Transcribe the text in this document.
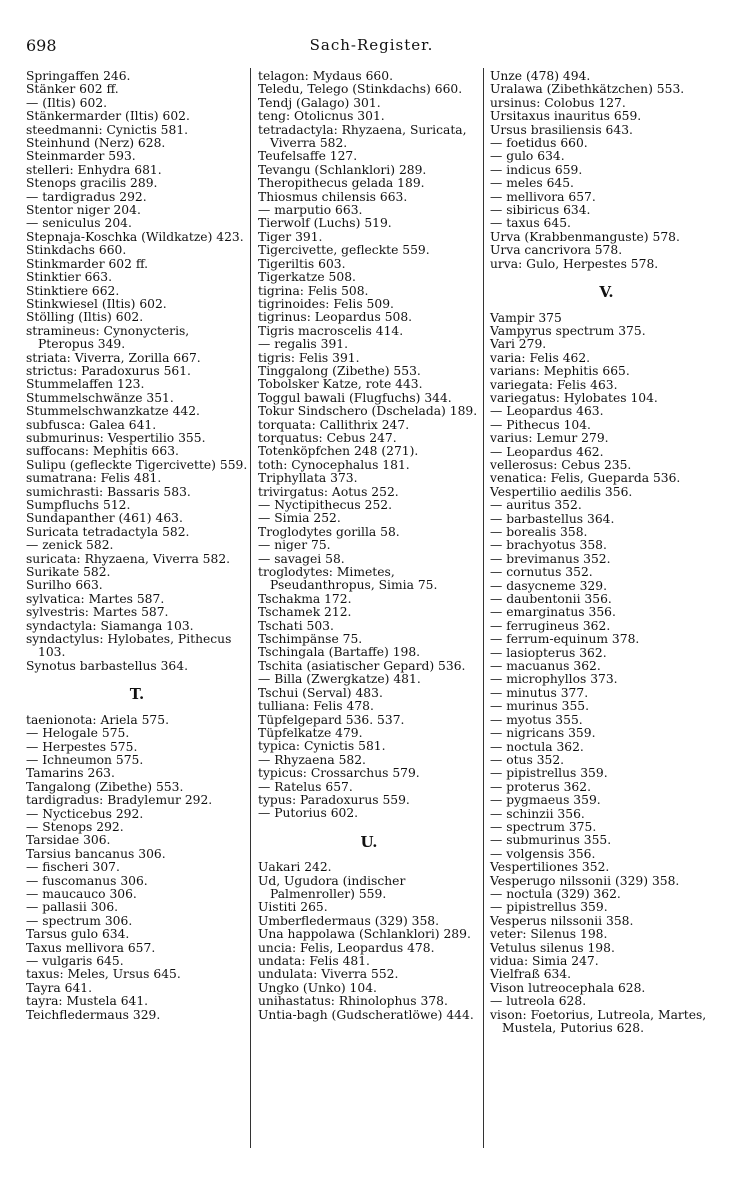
698	Sach-Register.
Springaffen 246.
Stänker 602 ff.
— (Iltis) 602.
Stänkermarder (Iltis) 602.
steedmanni: Cynictis 581.
Steinhund (Nerz) 628.
Steinmarder 593.
stelleri: Enhydra 681.
Stenops gracilis 289.
— tardigradus 292.
Stentor niger 204.
— seniculus 204.
Stepnaja-Koschka (Wildkatze) 423.
Stinkdachs 660.
Stinkmarder 602 ff.
Stinktier 663.
Stinktiere 662.
Stinkwiesel (Iltis) 602.
Stölling (Iltis) 602.
stramineus: Cynonycteris, Pteropus 349.
striata: Viverra, Zorilla 667.
strictus: Paradoxurus 561.
Stummelaffen 123.
Stummelschwänze 351.
Stummelschwanzkatze 442.
subfusca: Galea 641.
submurinus: Vespertilio 355.
suffocans: Mephitis 663.
Sulipu (gefleckte Tigercivette) 559.
sumatrana: Felis 481.
sumichrasti: Bassaris 583.
Sumpfluchs 512.
Sundapanther (461) 463.
Suricata tetradactyla 582.
— zenick 582.
suricata: Rhyzaena, Viverra 582.
Surikate 582.
Surilho 663.
sylvatica: Martes 587.
sylvestris: Martes 587.
syndactyla: Siamanga 103.
syndactylus: Hylobates, Pithecus 103.
Synotus barbastellus 364.
T.
taenionota: Ariela 575.
— Helogale 575.
— Herpestes 575.
— Ichneumon 575.
Tamarins 263.
Tangalong (Zibethe) 553.
tardigradus: Bradylemur 292.
— Nycticebus 292.
— Stenops 292.
Tarsidae 306.
Tarsius bancanus 306.
— fischeri 307.
— fuscomanus 306.
— maucauco 306.
— pallasii 306.
— spectrum 306.
Tarsus gulo 634.
Taxus mellivora 657.
— vulgaris 645.
taxus: Meles, Ursus 645.
Tayra 641.
tayra: Mustela 641.
Teichfledermaus 329.
telagon: Mydaus 660.
Teledu, Telego (Stinkdachs) 660.
Tendj (Galago) 301.
teng: Otolicnus 301.
tetradactyla: Rhyzaena, Suricata, Viverra 582.
Teufelsaffe 127.
Tevangu (Schlanklori) 289.
Theropithecus gelada 189.
Thiosmus chilensis 663.
— marputio 663.
Tierwolf (Luchs) 519.
Tiger 391.
Tigercivette, gefleckte 559.
Tigeriltis 603.
Tigerkatze 508.
tigrina: Felis 508.
tigrinoides: Felis 509.
tigrinus: Leopardus 508.
Tigris macroscelis 414.
— regalis 391.
tigris: Felis 391.
Tinggalong (Zibethe) 553.
Tobolsker Katze, rote 443.
Toggul bawali (Flugfuchs) 344.
Tokur Sindschero (Dschelada) 189.
torquata: Callithrix 247.
torquatus: Cebus 247.
Totenköpfchen 248 (271).
toth: Cynocephalus 181.
Triphyllata 373.
trivirgatus: Aotus 252.
— Nyctipithecus 252.
— Simia 252.
Troglodytes gorilla 58.
— niger 75.
— savagei 58.
troglodytes: Mimetes, Pseudanthropus, Simia 75.
Tschakma 172.
Tschamek 212.
Tschati 503.
Tschimpänse 75.
Tschingala (Bartaffe) 198.
Tschita (asiatischer Gepard) 536.
— Billa (Zwergkatze) 481.
Tschui (Serval) 483.
tulliana: Felis 478.
Tüpfelgepard 536. 537.
Tüpfelkatze 479.
typica: Cynictis 581.
— Rhyzaena 582.
typicus: Crossarchus 579.
— Ratelus 657.
typus: Paradoxurus 559.
— Putorius 602.
U.
Uakari 242.
Ud, Ugudora (indischer Palmenroller) 559.
Uistiti 265.
Umberfledermaus (329) 358.
Una happolawa (Schlanklori) 289.
uncia: Felis, Leopardus 478.
undata: Felis 481.
undulata: Viverra 552.
Ungko (Unko) 104.
unihastatus: Rhinolophus 378.
Untia-bagh (Gudscheratlöwe) 444.
Unze (478) 494.
Uralawa (Zibethkätzchen) 553.
ursinus: Colobus 127.
Ursitaxus inauritus 659.
Ursus brasiliensis 643.
— foetidus 660.
— gulo 634.
— indicus 659.
— meles 645.
— mellivora 657.
— sibiricus 634.
— taxus 645.
Urva (Krabbenmanguste) 578.
Urva cancrivora 578.
urva: Gulo, Herpestes 578.
V.
Vampir 375
Vampyrus spectrum 375.
Vari 279.
varia: Felis 462.
varians: Mephitis 665.
variegata: Felis 463.
variegatus: Hylobates 104.
— Leopardus 463.
— Pithecus 104.
varius: Lemur 279.
— Leopardus 462.
vellerosus: Cebus 235.
venatica: Felis, Gueparda 536.
Vespertilio aedilis 356.
— auritus 352.
— barbastellus 364.
— borealis 358.
— brachyotus 358.
— brevimanus 352.
— cornutus 352.
— dasycneme 329.
— daubentonii 356.
— emarginatus 356.
— ferrugineus 362.
— ferrum-equinum 378.
— lasiopterus 362.
— macuanus 362.
— microphyllos 373.
— minutus 377.
— murinus 355.
— myotus 355.
— nigricans 359.
— noctula 362.
— otus 352.
— pipistrellus 359.
— proterus 362.
— pygmaeus 359.
— schinzii 356.
— spectrum 375.
— submurinus 355.
— volgensis 356.
Vespertiliones 352.
Vesperugo nilssonii (329) 358.
— noctula (329) 362.
— pipistrellus 359.
Vesperus nilssonii 358.
veter: Silenus 198.
Vetulus silenus 198.
vidua: Simia 247.
Vielfraß 634.
Vison lutreocephala 628.
— lutreola 628.
vison: Foetorius, Lutreola, Martes, Mustela, Putorius 628.
